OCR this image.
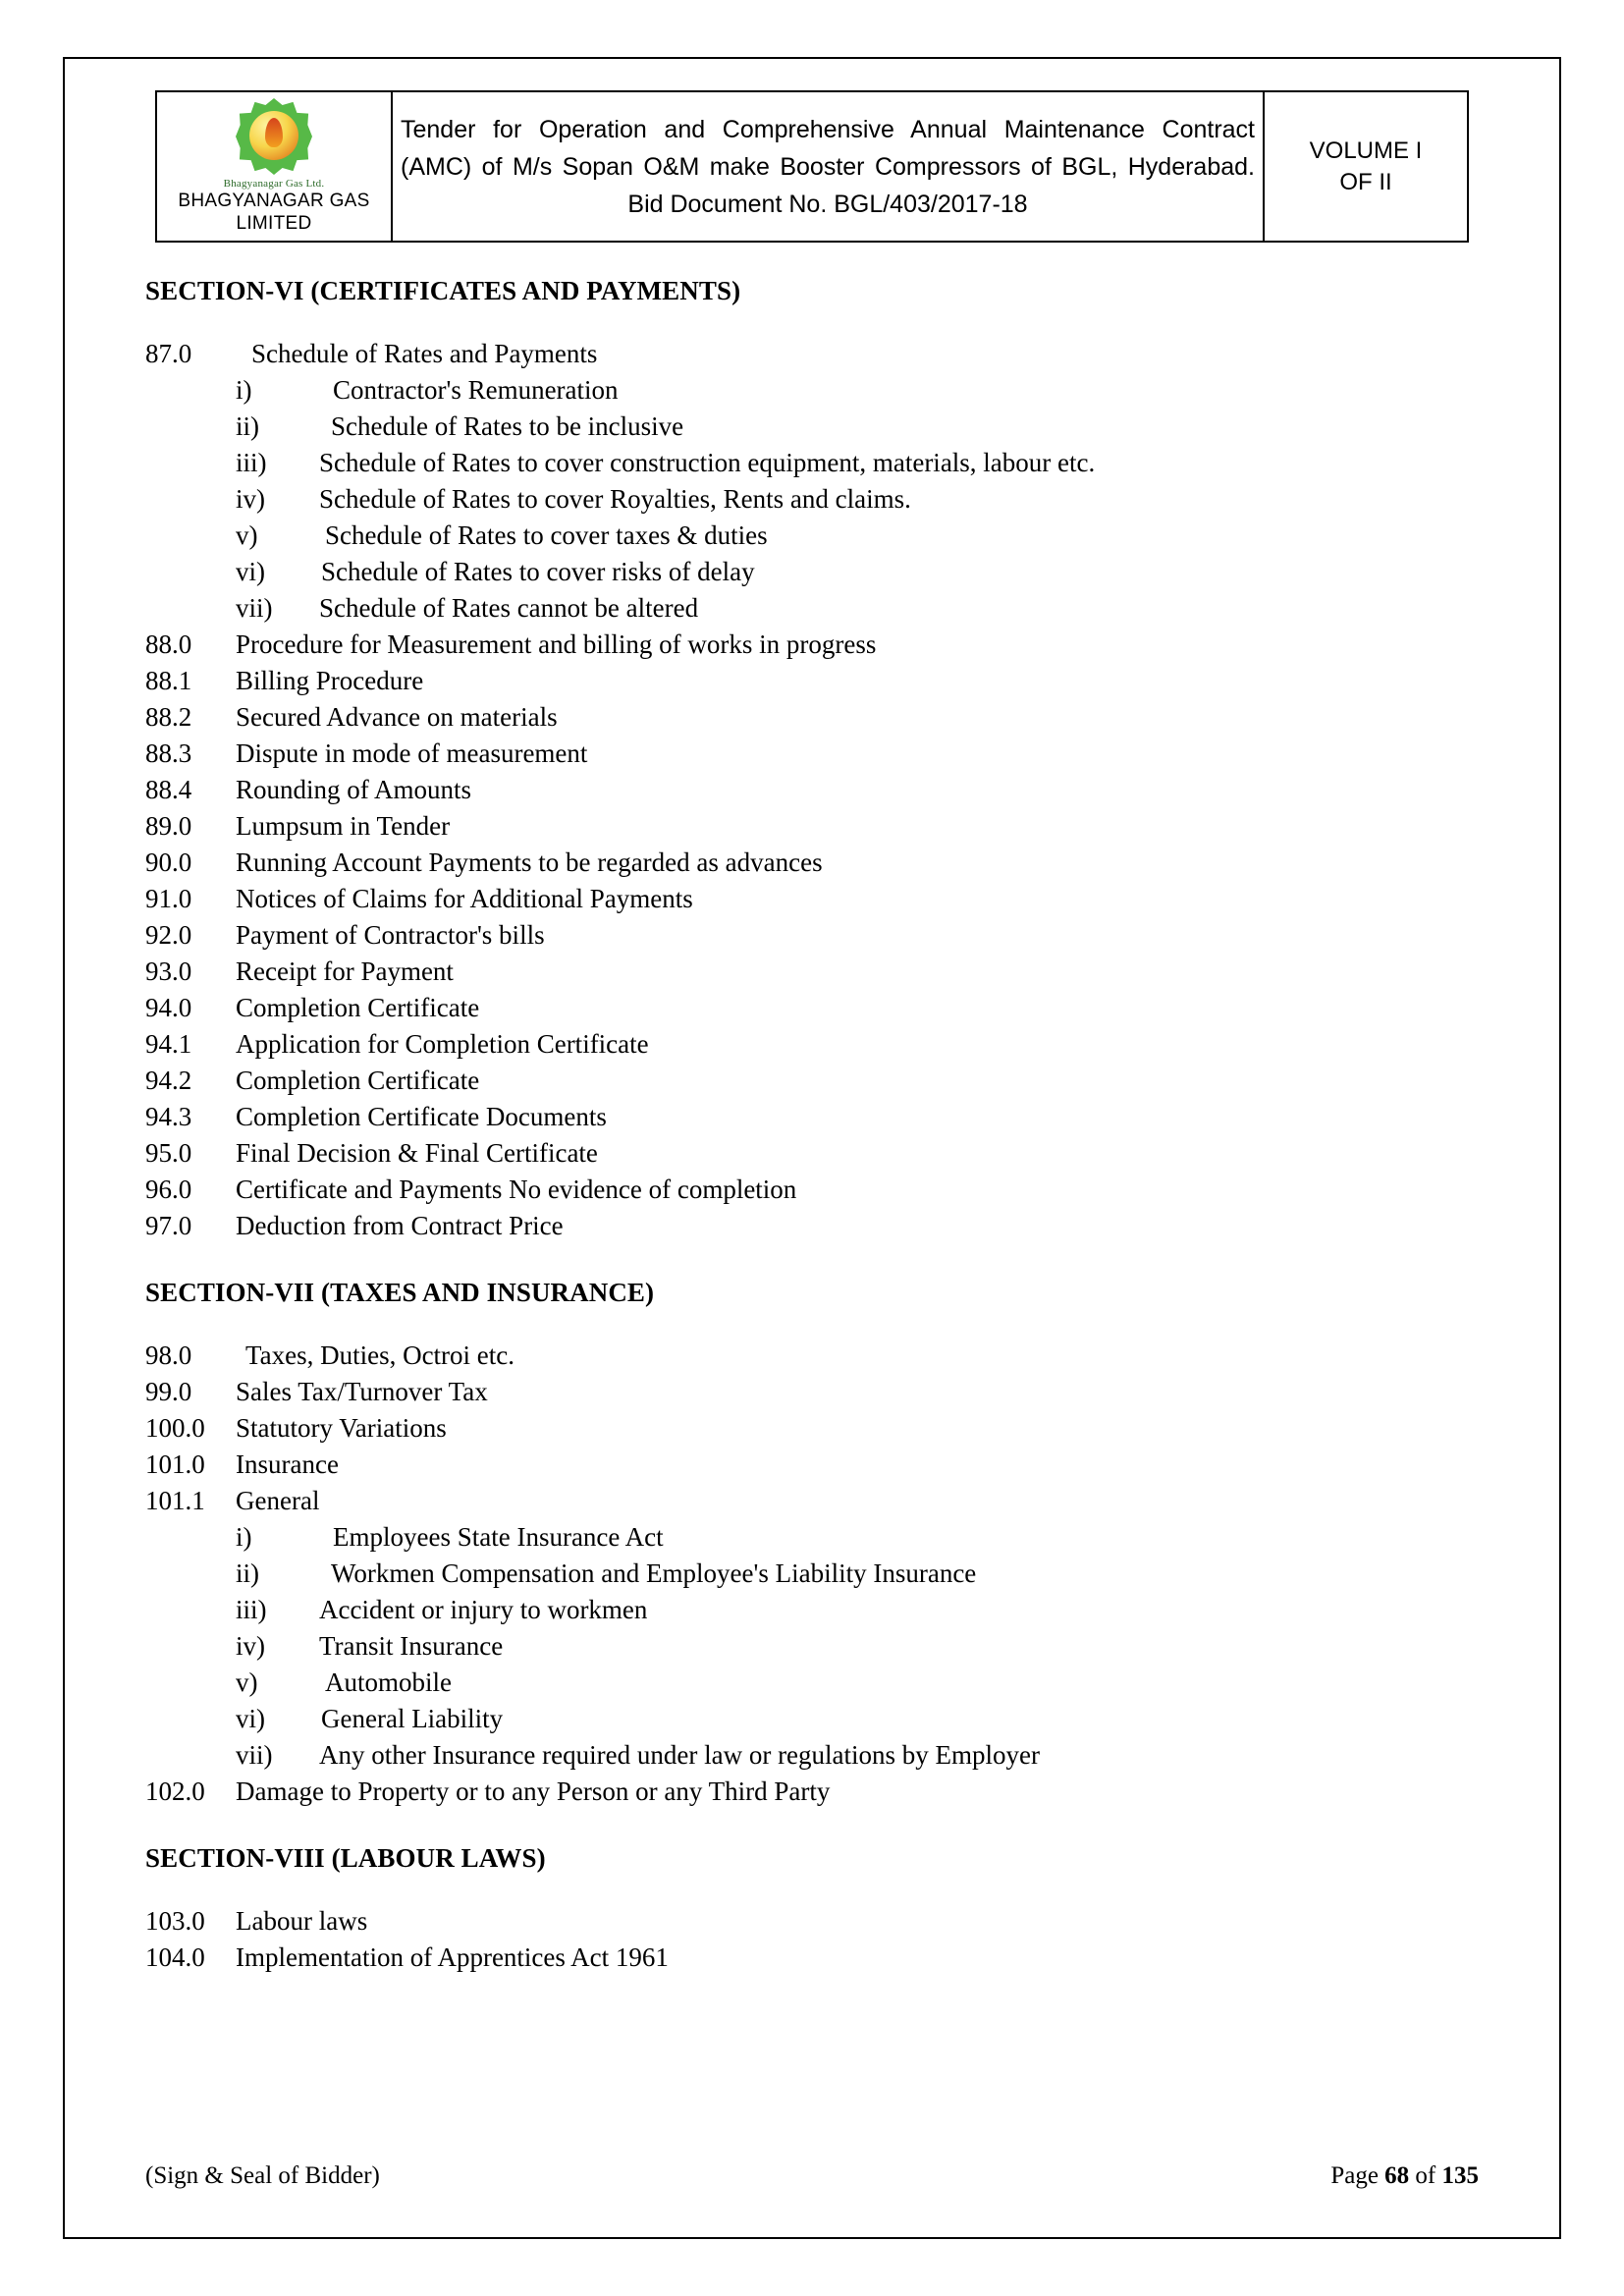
Bhagyanagar Gas Ltd.
BHAGYANAGAR GAS
LIMITED

Tender for Operation and Comprehensive Annual Maintenance Contract (AMC) of M/s Sopan O&M make Booster Compressors of BGL, Hyderabad.
Bid Document No. BGL/403/2017-18

VOLUME I
OF II
SECTION-VI (CERTIFICATES AND PAYMENTS)
87.0	Schedule of Rates and Payments
i)	Contractor's Remuneration
ii)	Schedule of Rates to be inclusive
iii)	Schedule of Rates to cover construction equipment, materials, labour etc.
iv)	Schedule of Rates to cover Royalties, Rents and claims.
v)	Schedule of Rates to cover taxes & duties
vi)	Schedule of Rates to cover risks of delay
vii)	Schedule of Rates cannot be altered
88.0	Procedure for Measurement and billing of works in progress
88.1	Billing Procedure
88.2	Secured Advance on materials
88.3	Dispute in mode of measurement
88.4	Rounding of Amounts
89.0	Lumpsum in Tender
90.0	Running Account Payments to be regarded as advances
91.0	Notices of Claims for Additional Payments
92.0	Payment of Contractor's bills
93.0	Receipt for Payment
94.0	Completion Certificate
94.1	Application for Completion Certificate
94.2	Completion Certificate
94.3	Completion Certificate Documents
95.0	Final Decision & Final Certificate
96.0	Certificate and Payments No evidence of completion
97.0	Deduction from Contract Price
SECTION-VII (TAXES AND INSURANCE)
98.0	Taxes, Duties, Octroi etc.
99.0	Sales Tax/Turnover Tax
100.0	Statutory Variations
101.0	Insurance
101.1	General
i)	Employees State Insurance Act
ii)	Workmen Compensation and Employee's Liability Insurance
iii)	Accident or injury to workmen
iv)	Transit Insurance
v)	Automobile
vi)	General Liability
vii)	Any other Insurance required under law or regulations by Employer
102.0	Damage to Property or to any Person or any Third Party
SECTION-VIII (LABOUR LAWS)
103.0	Labour laws
104.0	Implementation of Apprentices Act 1961
(Sign & Seal of Bidder)	Page 68 of 135
